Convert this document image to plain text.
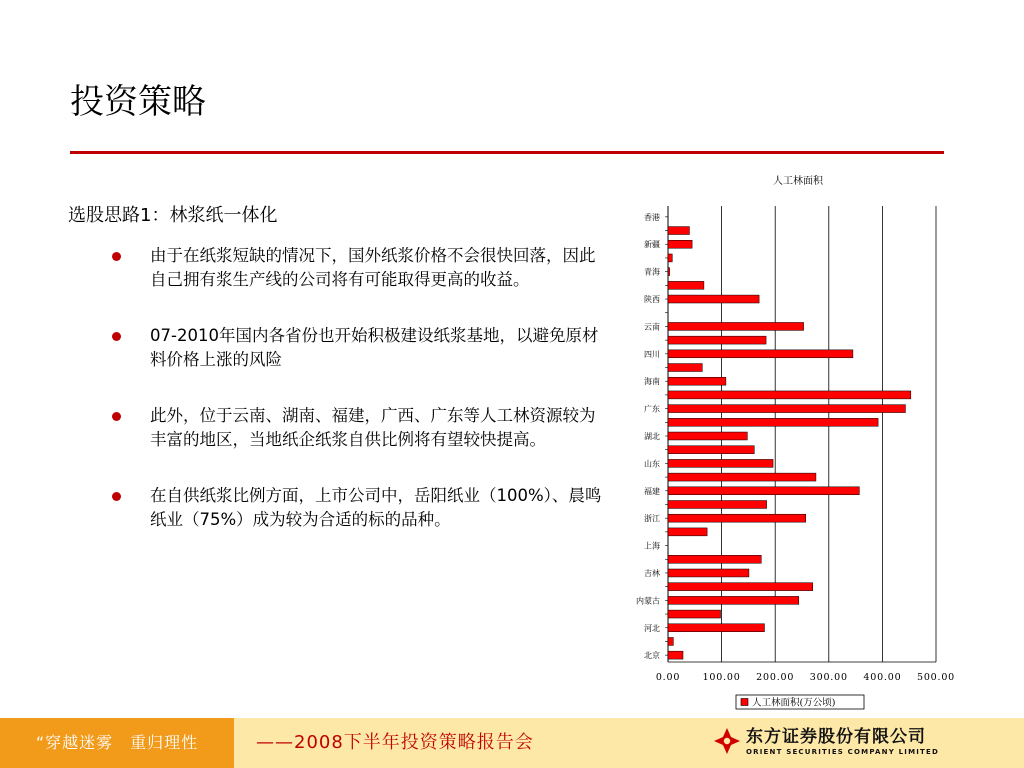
投资策略
选股思路1：林浆纸一体化
由于在纸浆短缺的情况下，国外纸浆价格不会很快回落，因此自己拥有浆生产线的公司将有可能取得更高的收益。
07-2010年国内各省份也开始积极建设纸浆基地，以避免原材料价格上涨的风险
此外，位于云南、湖南、福建，广西、广东等人工林资源较为丰富的地区，当地纸企纸浆自供比例将有望较快提高。
在自供纸浆比例方面，上市公司中，岳阳纸业（100%）、晨鸣纸业（75%）成为较为合适的标的品种。
人工林面积
香港
新疆
青海
陕西
云南
四川
海南
广东
湖北
山东
福建
浙江
上海
吉林
内蒙古
河北
北京
0.00 100.00 200.00 300.00 400.00 500.00
人工林面积(万公顷)
“穿越迷雾　重归理性	——2008下半年投资策略报告会	东方证券股份有限公司
ORIENT SECURITIES COMPANY LIMITED
